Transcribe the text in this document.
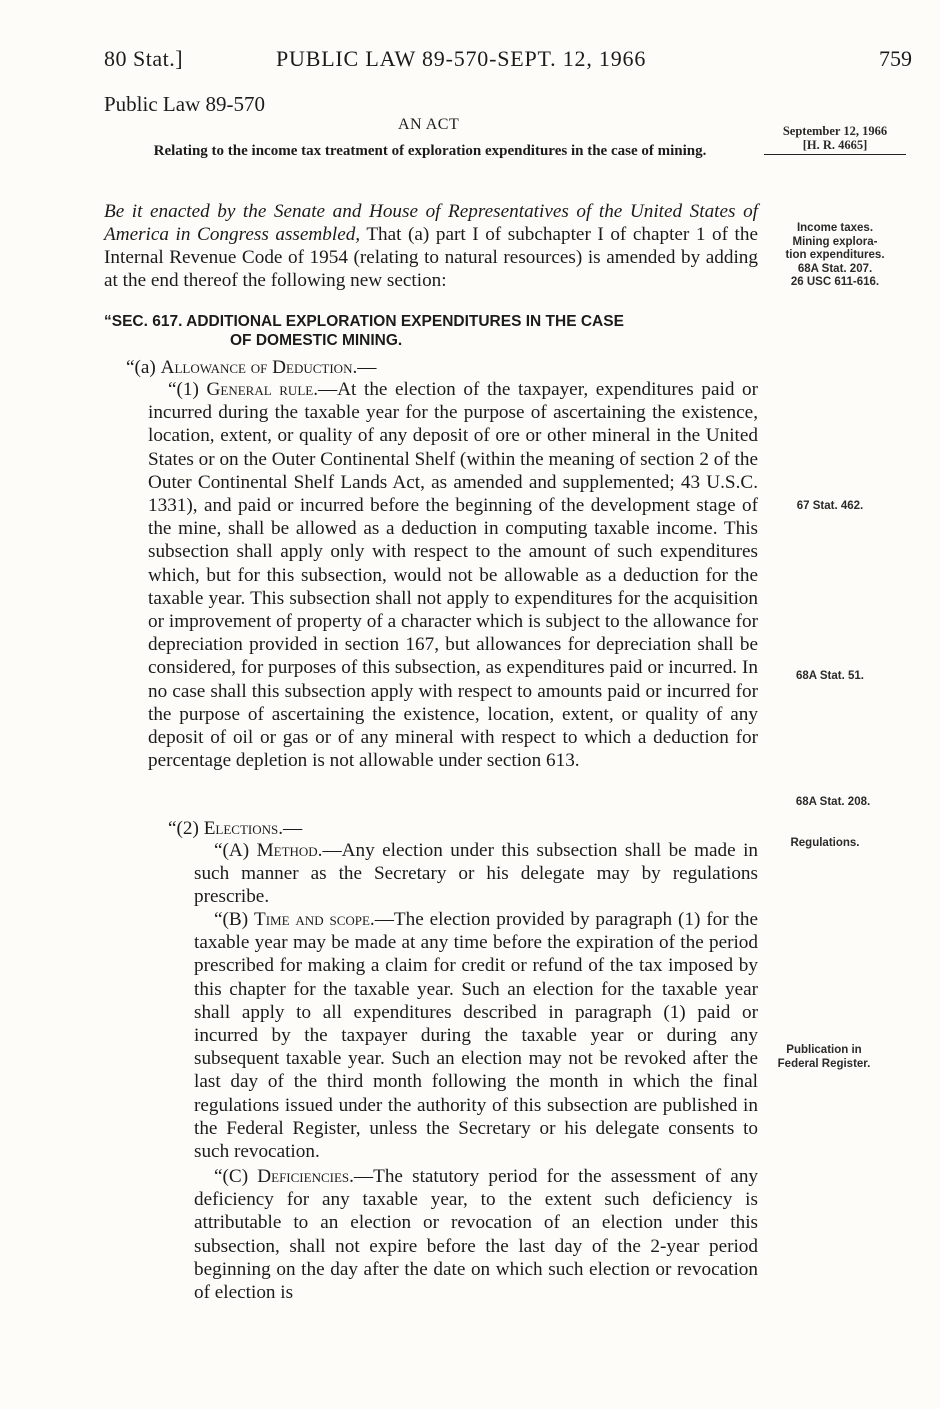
80 Stat.]	PUBLIC LAW 89-570-SEPT. 12, 1966	759
Public Law 89-570
AN ACT
Relating to the income tax treatment of exploration expenditures in the case of mining.
Be it enacted by the Senate and House of Representatives of the United States of America in Congress assembled, That (a) part I of subchapter I of chapter 1 of the Internal Revenue Code of 1954 (relating to natural resources) is amended by adding at the end thereof the following new section:
“SEC. 617. ADDITIONAL EXPLORATION EXPENDITURES IN THE CASE
OF DOMESTIC MINING.
“(a) Allowance of Deduction.—
“(1) General rule.—At the election of the taxpayer, expenditures paid or incurred during the taxable year for the purpose of ascertaining the existence, location, extent, or quality of any deposit of ore or other mineral in the United States or on the Outer Continental Shelf (within the meaning of section 2 of the Outer Continental Shelf Lands Act, as amended and supplemented; 43 U.S.C. 1331), and paid or incurred before the beginning of the development stage of the mine, shall be allowed as a deduction in computing taxable income. This subsection shall apply only with respect to the amount of such expenditures which, but for this subsection, would not be allowable as a deduction for the taxable year. This subsection shall not apply to expenditures for the acquisition or improvement of property of a character which is subject to the allowance for depreciation provided in section 167, but allowances for depreciation shall be considered, for purposes of this subsection, as expenditures paid or incurred. In no case shall this subsection apply with respect to amounts paid or incurred for the purpose of ascertaining the existence, location, extent, or quality of any deposit of oil or gas or of any mineral with respect to which a deduction for percentage depletion is not allowable under section 613.
“(2) Elections.—
“(A) Method.—Any election under this subsection shall be made in such manner as the Secretary or his delegate may by regulations prescribe.
“(B) Time and scope.—The election provided by paragraph (1) for the taxable year may be made at any time before the expiration of the period prescribed for making a claim for credit or refund of the tax imposed by this chapter for the taxable year. Such an election for the taxable year shall apply to all expenditures described in paragraph (1) paid or incurred by the taxpayer during the taxable year or during any subsequent taxable year. Such an election may not be revoked after the last day of the third month following the month in which the final regulations issued under the authority of this subsection are published in the Federal Register, unless the Secretary or his delegate consents to such revocation.
“(C) Deficiencies.—The statutory period for the assessment of any deficiency for any taxable year, to the extent such deficiency is attributable to an election or revocation of an election under this subsection, shall not expire before the last day of the 2-year period beginning on the day after the date on which such election or revocation of election is
September 12, 1966
[H. R. 4665]
Income taxes.
Mining explora-
tion expenditures.
68A Stat. 207.
26 USC 611-616.
67 Stat. 462.
68A Stat. 51.
68A Stat. 208.
Regulations.
Publication in
Federal Register.
